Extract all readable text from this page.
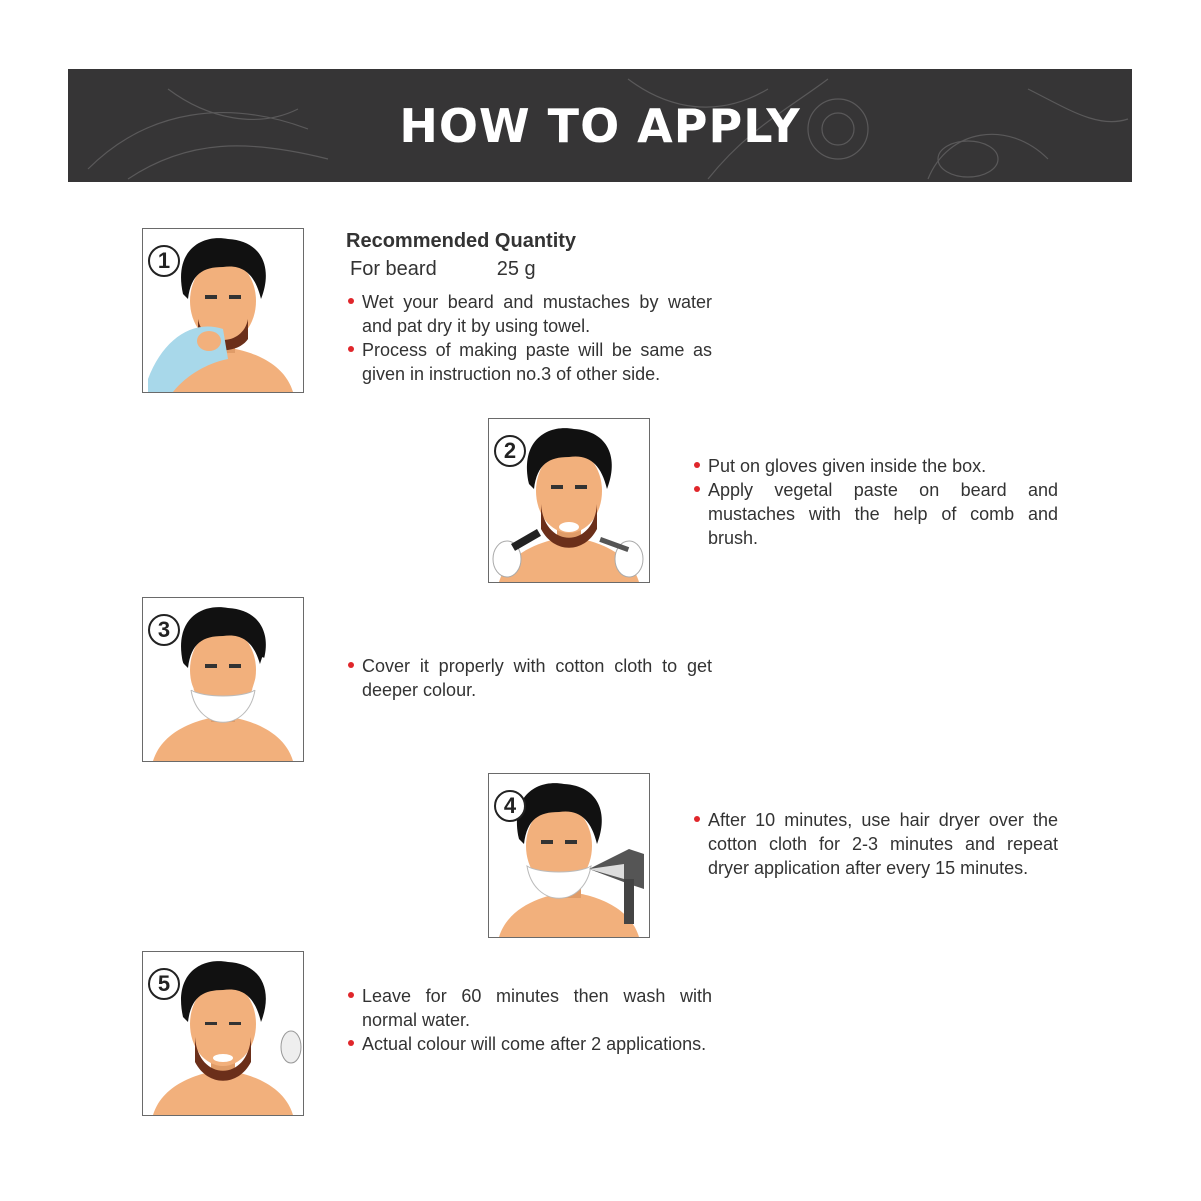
HOW TO APPLY
1
Recommended Quantity
For beard	25 g
Wet your beard and mustaches by water and pat dry it by using towel.
Process of making paste will be same as given in instruction no.3 of other side.
2
Put on gloves given inside the box.
Apply vegetal paste on beard and mustaches with the help of comb and brush.
3
Cover it properly with cotton cloth to get deeper colour.
4
After 10 minutes, use hair dryer over the cotton cloth for 2-3 minutes and repeat dryer application after every 15 minutes.
5	Leave for 60 minutes then wash with normal water.
Actual colour will come after 2 applications.
